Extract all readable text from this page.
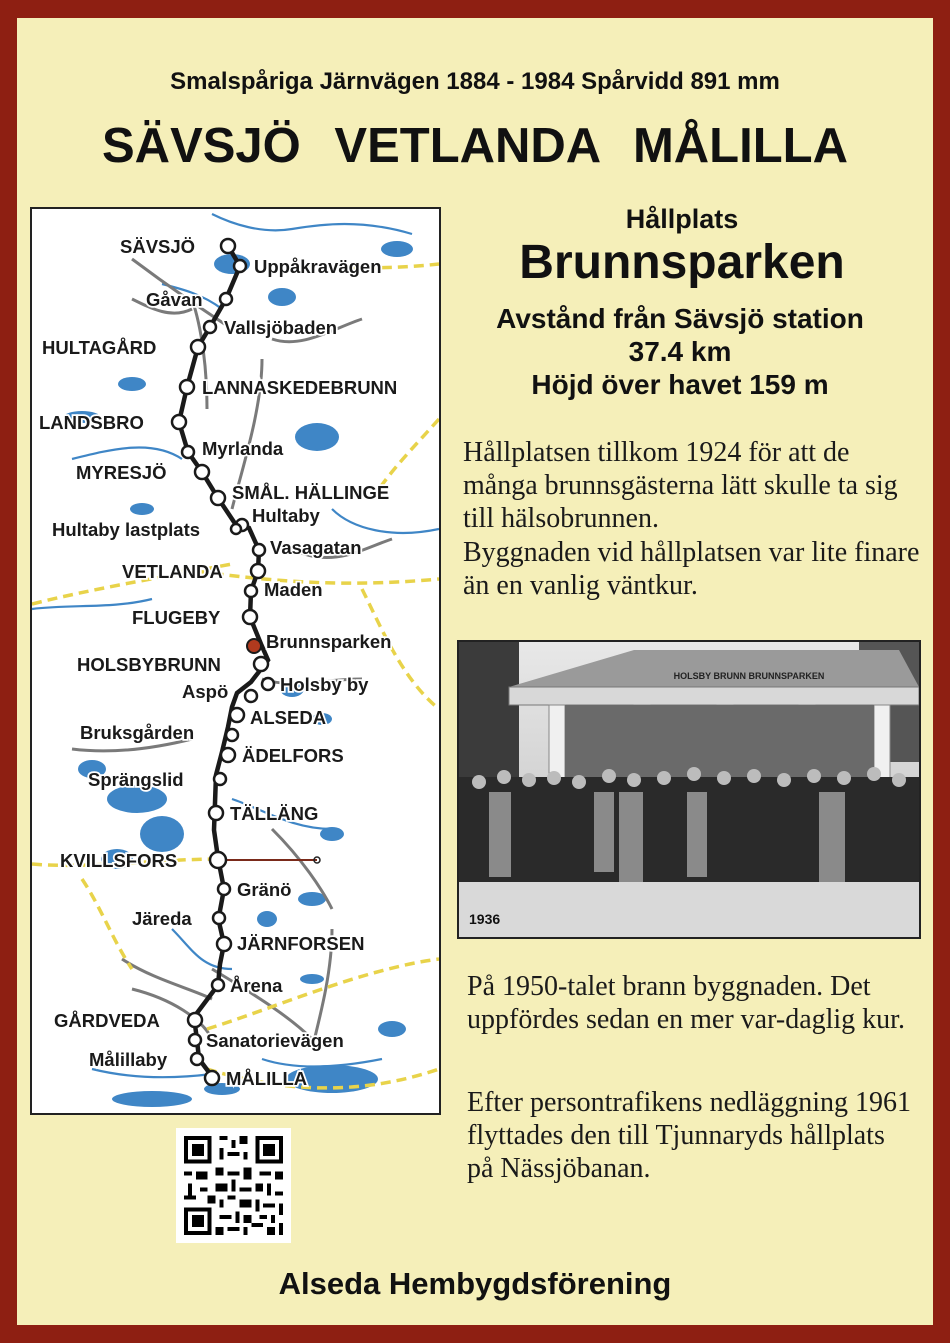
Smalspåriga Järnvägen 1884 - 1984 Spårvidd 891 mm
SÄVSJÖ VETLANDA MÅLILLA
SÄVSJÖ
Uppåkravägen
Gåvan
Vallsjöbaden
HULTAGÅRD
LANNASKEDEBRUNN
LANDSBRO
Myrlanda
MYRESJÖ
SMÅL. HÄLLINGE
Hultaby
Hultaby lastplats
Vasagatan
VETLANDA
Maden
FLUGEBY
Brunnsparken
HOLSBYBRUNN
Holsby by
Aspö
ALSEDA
Bruksgården
ÄDELFORS
Sprängslid
TÄLLÄNG
KVILLSFORS
Gränö
Järeda
JÄRNFORSEN
Årena
GÅRDVEDA
Sanatorievägen
Målillaby
MÅLILLA
Hållplats
Brunnsparken
Avstånd från Sävsjö station
37.4 km
Höjd över havet 159 m
Hållplatsen tillkom 1924 för att de många brunnsgästerna lätt skulle ta sig till hälsobrunnen.
Byggnaden vid hållplatsen var lite finare än en vanlig väntkur.
HOLSBY BRUNN BRUNNSPARKEN
1936
På 1950-talet brann byggnaden. Det uppfördes sedan en mer var-daglig kur.
Efter persontrafikens nedläggning 1961 flyttades den till Tjunnaryds hållplats på Nässjöbanan.
Alseda Hembygdsförening
